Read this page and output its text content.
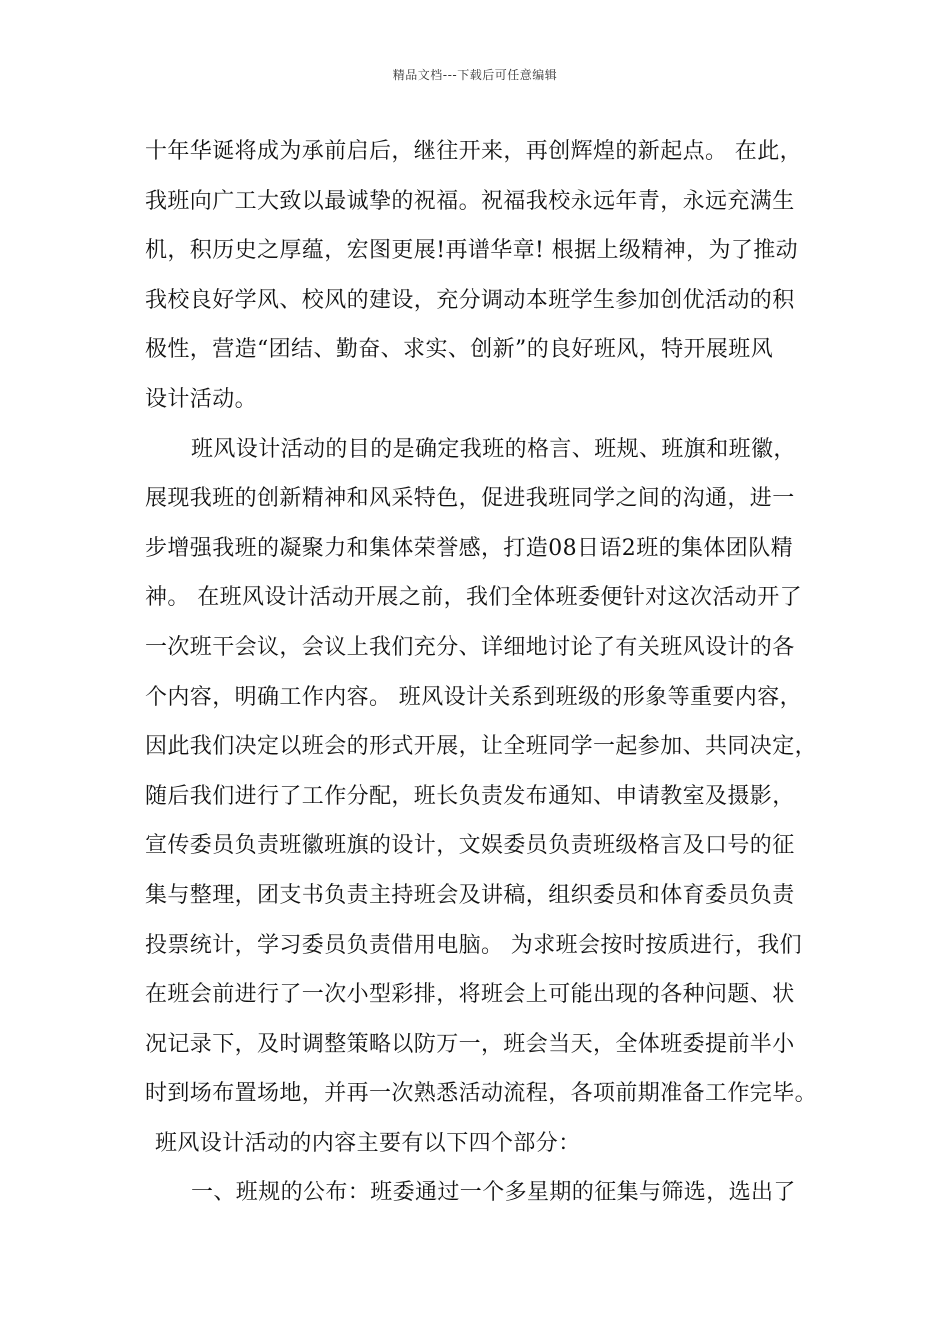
精品文档---下载后可任意编辑
十年华诞将成为承前启后，继往开来，再创辉煌的新起点。 在此，
我班向广工大致以最诚挚的祝福。祝福我校永远年青，永远充满生
机，积历史之厚蕴，宏图更展!再谱华章! 根据上级精神，为了推动
我校良好学风、校风的建设，充分调动本班学生参加创优活动的积
极性，营造“团结、勤奋、求实、创新”的良好班风，特开展班风
设计活动。
班风设计活动的目的是确定我班的格言、班规、班旗和班徽，
展现我班的创新精神和风采特色，促进我班同学之间的沟通，进一
步增强我班的凝聚力和集体荣誉感，打造08日语2班的集体团队精
神。 在班风设计活动开展之前，我们全体班委便针对这次活动开了
一次班干会议，会议上我们充分、详细地讨论了有关班风设计的各
个内容，明确工作内容。 班风设计关系到班级的形象等重要内容，
因此我们决定以班会的形式开展，让全班同学一起参加、共同决定，
随后我们进行了工作分配，班长负责发布通知、申请教室及摄影，
宣传委员负责班徽班旗的设计，文娱委员负责班级格言及口号的征
集与整理，团支书负责主持班会及讲稿，组织委员和体育委员负责
投票统计，学习委员负责借用电脑。 为求班会按时按质进行，我们
在班会前进行了一次小型彩排，将班会上可能出现的各种问题、状
况记录下，及时调整策略以防万一，班会当天，全体班委提前半小
时到场布置场地，并再一次熟悉活动流程，各项前期准备工作完毕。
班风设计活动的内容主要有以下四个部分：
一、班规的公布：班委通过一个多星期的征集与筛选，选出了
